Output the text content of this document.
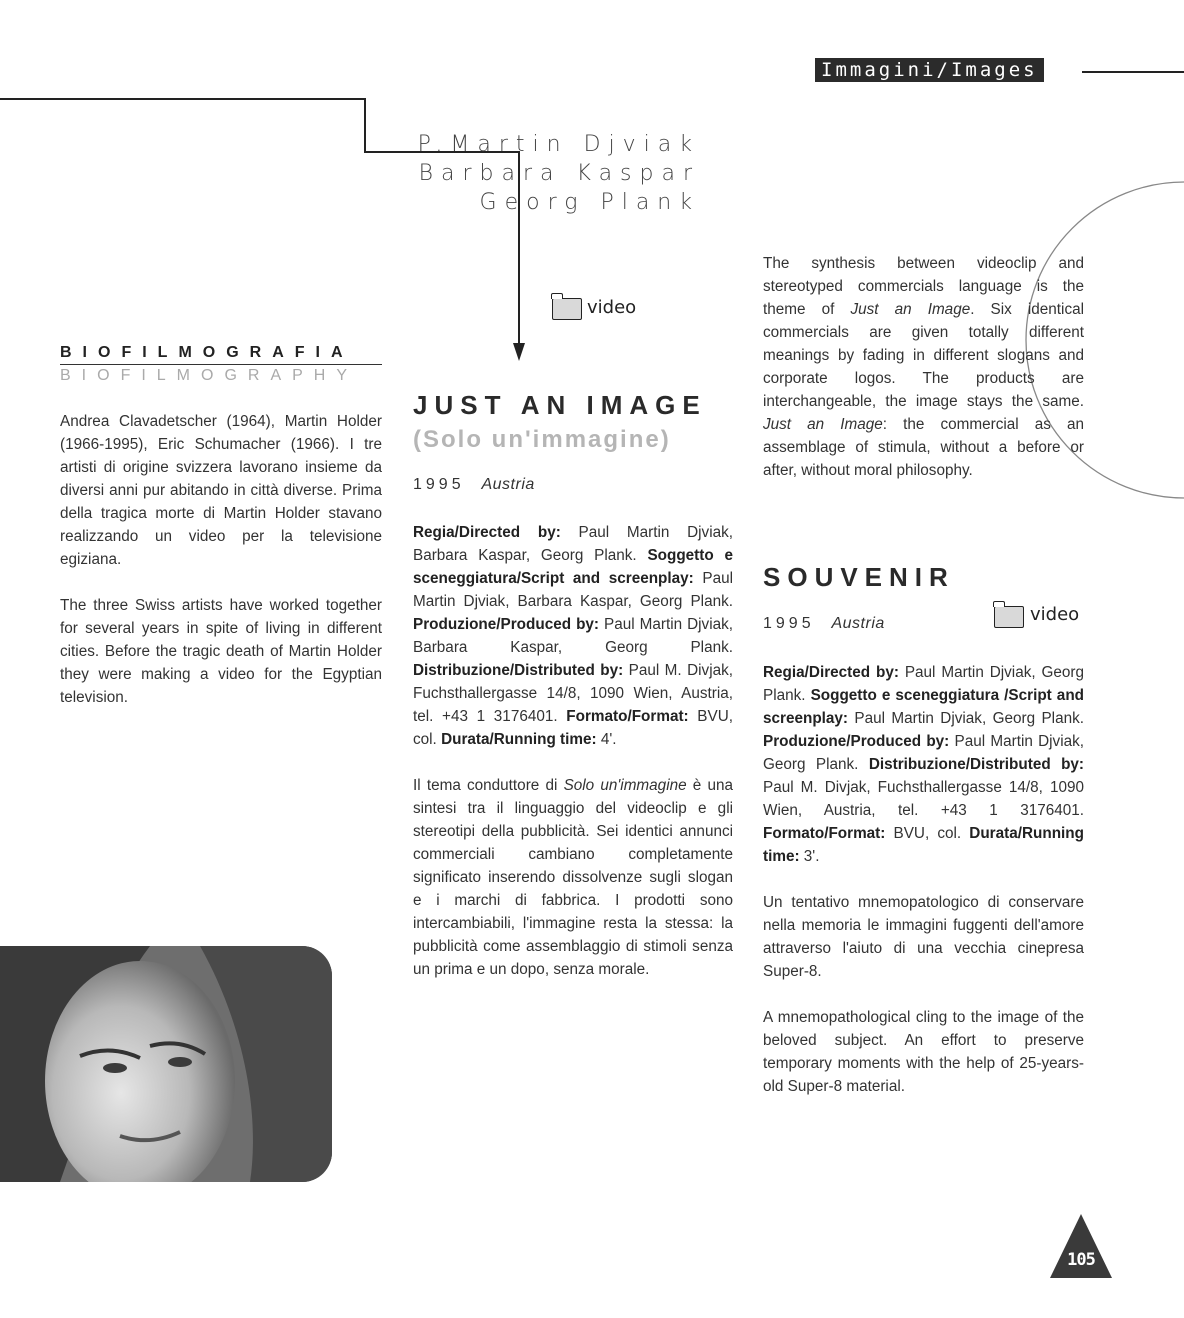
Immagini/Images
P.Martin Djviak
Barbara Kaspar
Georg Plank
video
BIOFILMOGRAFIA
BIOFILMOGRAPHY

Andrea Clavadetscher (1964), Martin Holder (1966-1995), Eric Schumacher (1966). I tre artisti di origine svizzera lavorano insieme da diversi anni pur abitando in città diverse. Prima della tragica morte di Martin Holder stavano realizzando un video per la televisione egiziana.

The three Swiss artists have worked together for several years in spite of living in different cities. Before the tragic death of Martin Holder they were making a video for the Egyptian television.

JUST AN IMAGE
(Solo un'immagine)
1995 Austria

Regia/Directed by: Paul Martin Djviak, Barbara Kaspar, Georg Plank. Soggetto e sceneggiatura/Script and screenplay: Paul Martin Djviak, Barbara Kaspar, Georg Plank. Produzione/Produced by: Paul Martin Djviak, Barbara Kaspar, Georg Plank. Distribuzione/Distributed by: Paul M. Divjak, Fuchsthallergasse 14/8, 1090 Wien, Austria, tel. +43 1 3176401. Formato/Format: BVU, col. Durata/Running time: 4'.

Il tema conduttore di Solo un'immagine è una sintesi tra il linguaggio del videoclip e gli stereotipi della pubblicità. Sei identici annunci commerciali cambiano completamente significato inserendo dissolvenze sugli slogan e i marchi di fabbrica. I prodotti sono intercambiabili, l'immagine resta la stessa: la pubblicità come assemblaggio di stimoli senza un prima e un dopo, senza morale.

The synthesis between videoclip and stereotyped commercials language is the theme of Just an Image. Six identical commercials are given totally different meanings by fading in different slogans and corporate logos. The products are interchangeable, the image stays the same. Just an Image: the commercial as an assemblage of stimula, without a before or after, without moral philosophy.

SOUVENIR
1995 Austria	video

Regia/Directed by: Paul Martin Djviak, Georg Plank. Soggetto e sceneggiatura /Script and screenplay: Paul Martin Djviak, Georg Plank. Produzione/Produced by: Paul Martin Djviak, Georg Plank. Distribuzione/Distributed by: Paul M. Divjak, Fuchsthallergasse 14/8, 1090 Wien, Austria, tel. +43 1 3176401. Formato/Format: BVU, col. Durata/Running time: 3'.

Un tentativo mnemopatologico di conservare nella memoria le immagini fuggenti dell'amore attraverso l'aiuto di una vecchia cinepresa Super-8.

A mnemopathological cling to the image of the beloved subject. An effort to preserve temporary moments with the help of 25-years-old Super-8 material.

105
